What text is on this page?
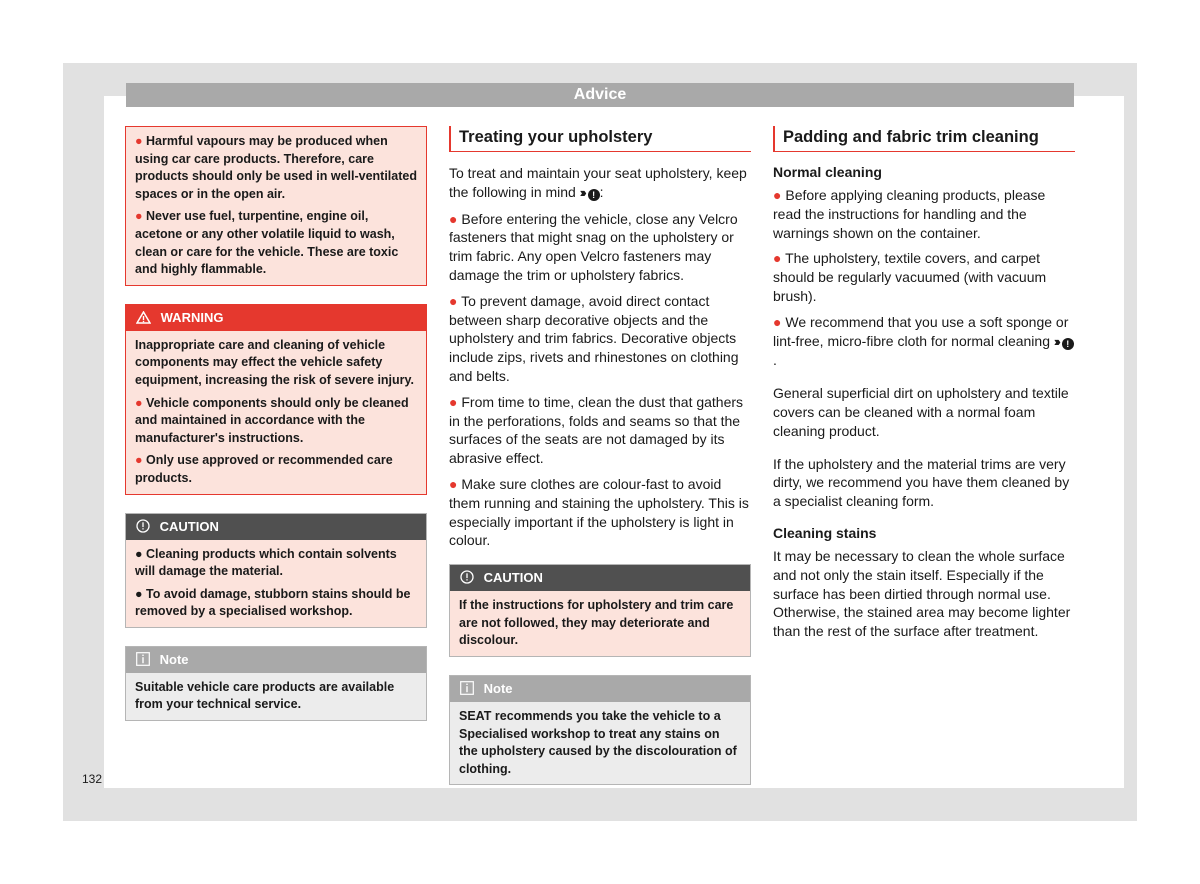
Advice

● Harmful vapours may be produced when using car care products. Therefore, care products should only be used in well-ventilated spaces or in the open air.

● Never use fuel, turpentine, engine oil, acetone or any other volatile liquid to wash, clean or care for the vehicle. These are toxic and highly flammable.

WARNING

Inappropriate care and cleaning of vehicle components may effect the vehicle safety equipment, increasing the risk of severe injury.

● Vehicle components should only be cleaned and maintained in accordance with the manufacturer's instructions.

● Only use approved or recommended care products.

CAUTION

● Cleaning products which contain solvents will damage the material.

● To avoid damage, stubborn stains should be removed by a specialised workshop.

Note

Suitable vehicle care products are available from your technical service.

Treating your upholstery

To treat and maintain your seat upholstery, keep the following in mind ››› ! :

● Before entering the vehicle, close any Velcro fasteners that might snag on the upholstery or trim fabric. Any open Velcro fasteners may damage the trim or upholstery fabrics.

● To prevent damage, avoid direct contact between sharp decorative objects and the upholstery and trim fabrics. Decorative objects include zips, rivets and rhinestones on clothing and belts.

● From time to time, clean the dust that gathers in the perforations, folds and seams so that the surfaces of the seats are not damaged by its abrasive effect.

● Make sure clothes are colour-fast to avoid them running and staining the upholstery. This is especially important if the upholstery is light in colour.

CAUTION

If the instructions for upholstery and trim care are not followed, they may deteriorate and discolour.

Note

SEAT recommends you take the vehicle to a Specialised workshop to treat any stains on the upholstery caused by the discolouration of clothing.

Padding and fabric trim cleaning

Normal cleaning

● Before applying cleaning products, please read the instructions for handling and the warnings shown on the container.

● The upholstery, textile covers, and carpet should be regularly vacuumed (with vacuum brush).

● We recommend that you use a soft sponge or lint-free, micro-fibre cloth for normal cleaning ››› !.

General superficial dirt on upholstery and textile covers can be cleaned with a normal foam cleaning product.

If the upholstery and the material trims are very dirty, we recommend you have them cleaned by a specialist cleaning form.

Cleaning stains

It may be necessary to clean the whole surface and not only the stain itself. Especially if the surface has been dirtied through normal use. Otherwise, the stained area may become lighter than the rest of the surface after treatment.

132
